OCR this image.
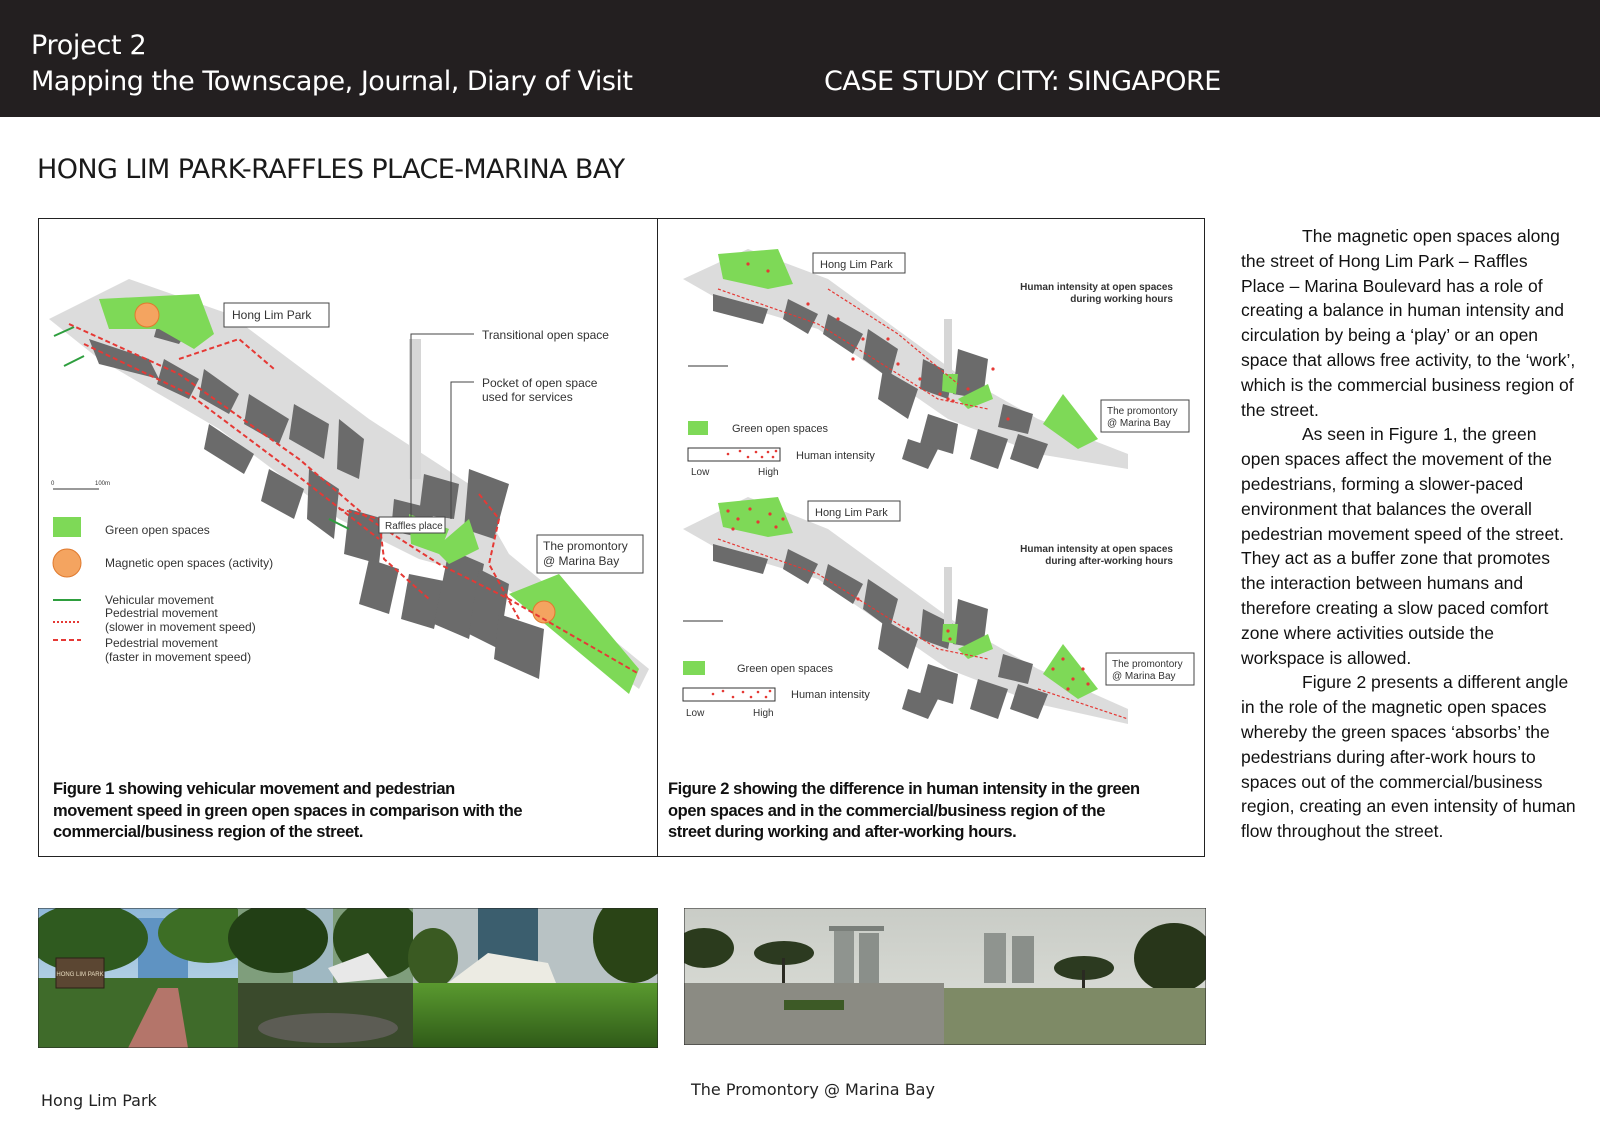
Project 2
Mapping the Townscape, Journal, Diary of Visit	CASE STUDY CITY: SINGAPORE
HONG LIM PARK-RAFFLES PLACE-MARINA BAY
Hong Lim Park
Transitional open space
Pocket of open space
used for services
Raffles place
The promontory
@ Marina Bay
0	100m
Green open spaces
Magnetic open spaces (activity)
Vehicular movement
Pedestrial movement
(slower in movement speed)
Pedestrial movement
(faster in movement speed)
Figure 1 showing vehicular movement and pedestrian movement speed in green open spaces in comparison with the commercial/business region of the street.
Hong Lim Park
Human intensity at open spaces
during working hours
The promontory
@ Marina Bay
Green open spaces
Human intensity
Low	High
Hong Lim Park
Human intensity at open spaces
during after-working hours
The promontory
@ Marina Bay
Green open spaces
Human intensity
Low	High
Figure 2 showing the difference in human intensity in the green open spaces and in the commercial/business region of the street during working and after-working hours.

The magnetic open spaces along the street of Hong Lim Park – Raffles Place – Marina Boulevard has a role of creating a balance in human intensity and circulation by being a ‘play’ or an open space that allows free activity, to the ‘work’, which is the commercial business region of the street.

As seen in Figure 1, the green open spaces affect the movement of the pedestrians, forming a slower-paced environment that balances the overall pedestrian movement speed of the street. They act as a buffer zone that promotes the interaction between humans and therefore creating a slow paced comfort zone where activities outside the workspace is allowed.

Figure 2 presents a different angle in the role of the magnetic open spaces whereby the green spaces ‘absorbs’ the pedestrians during after-work hours to spaces out of the commercial/business region, creating an even intensity of human flow throughout the street.

HONG LIM PARK
Hong Lim Park
The Promontory @ Marina Bay
